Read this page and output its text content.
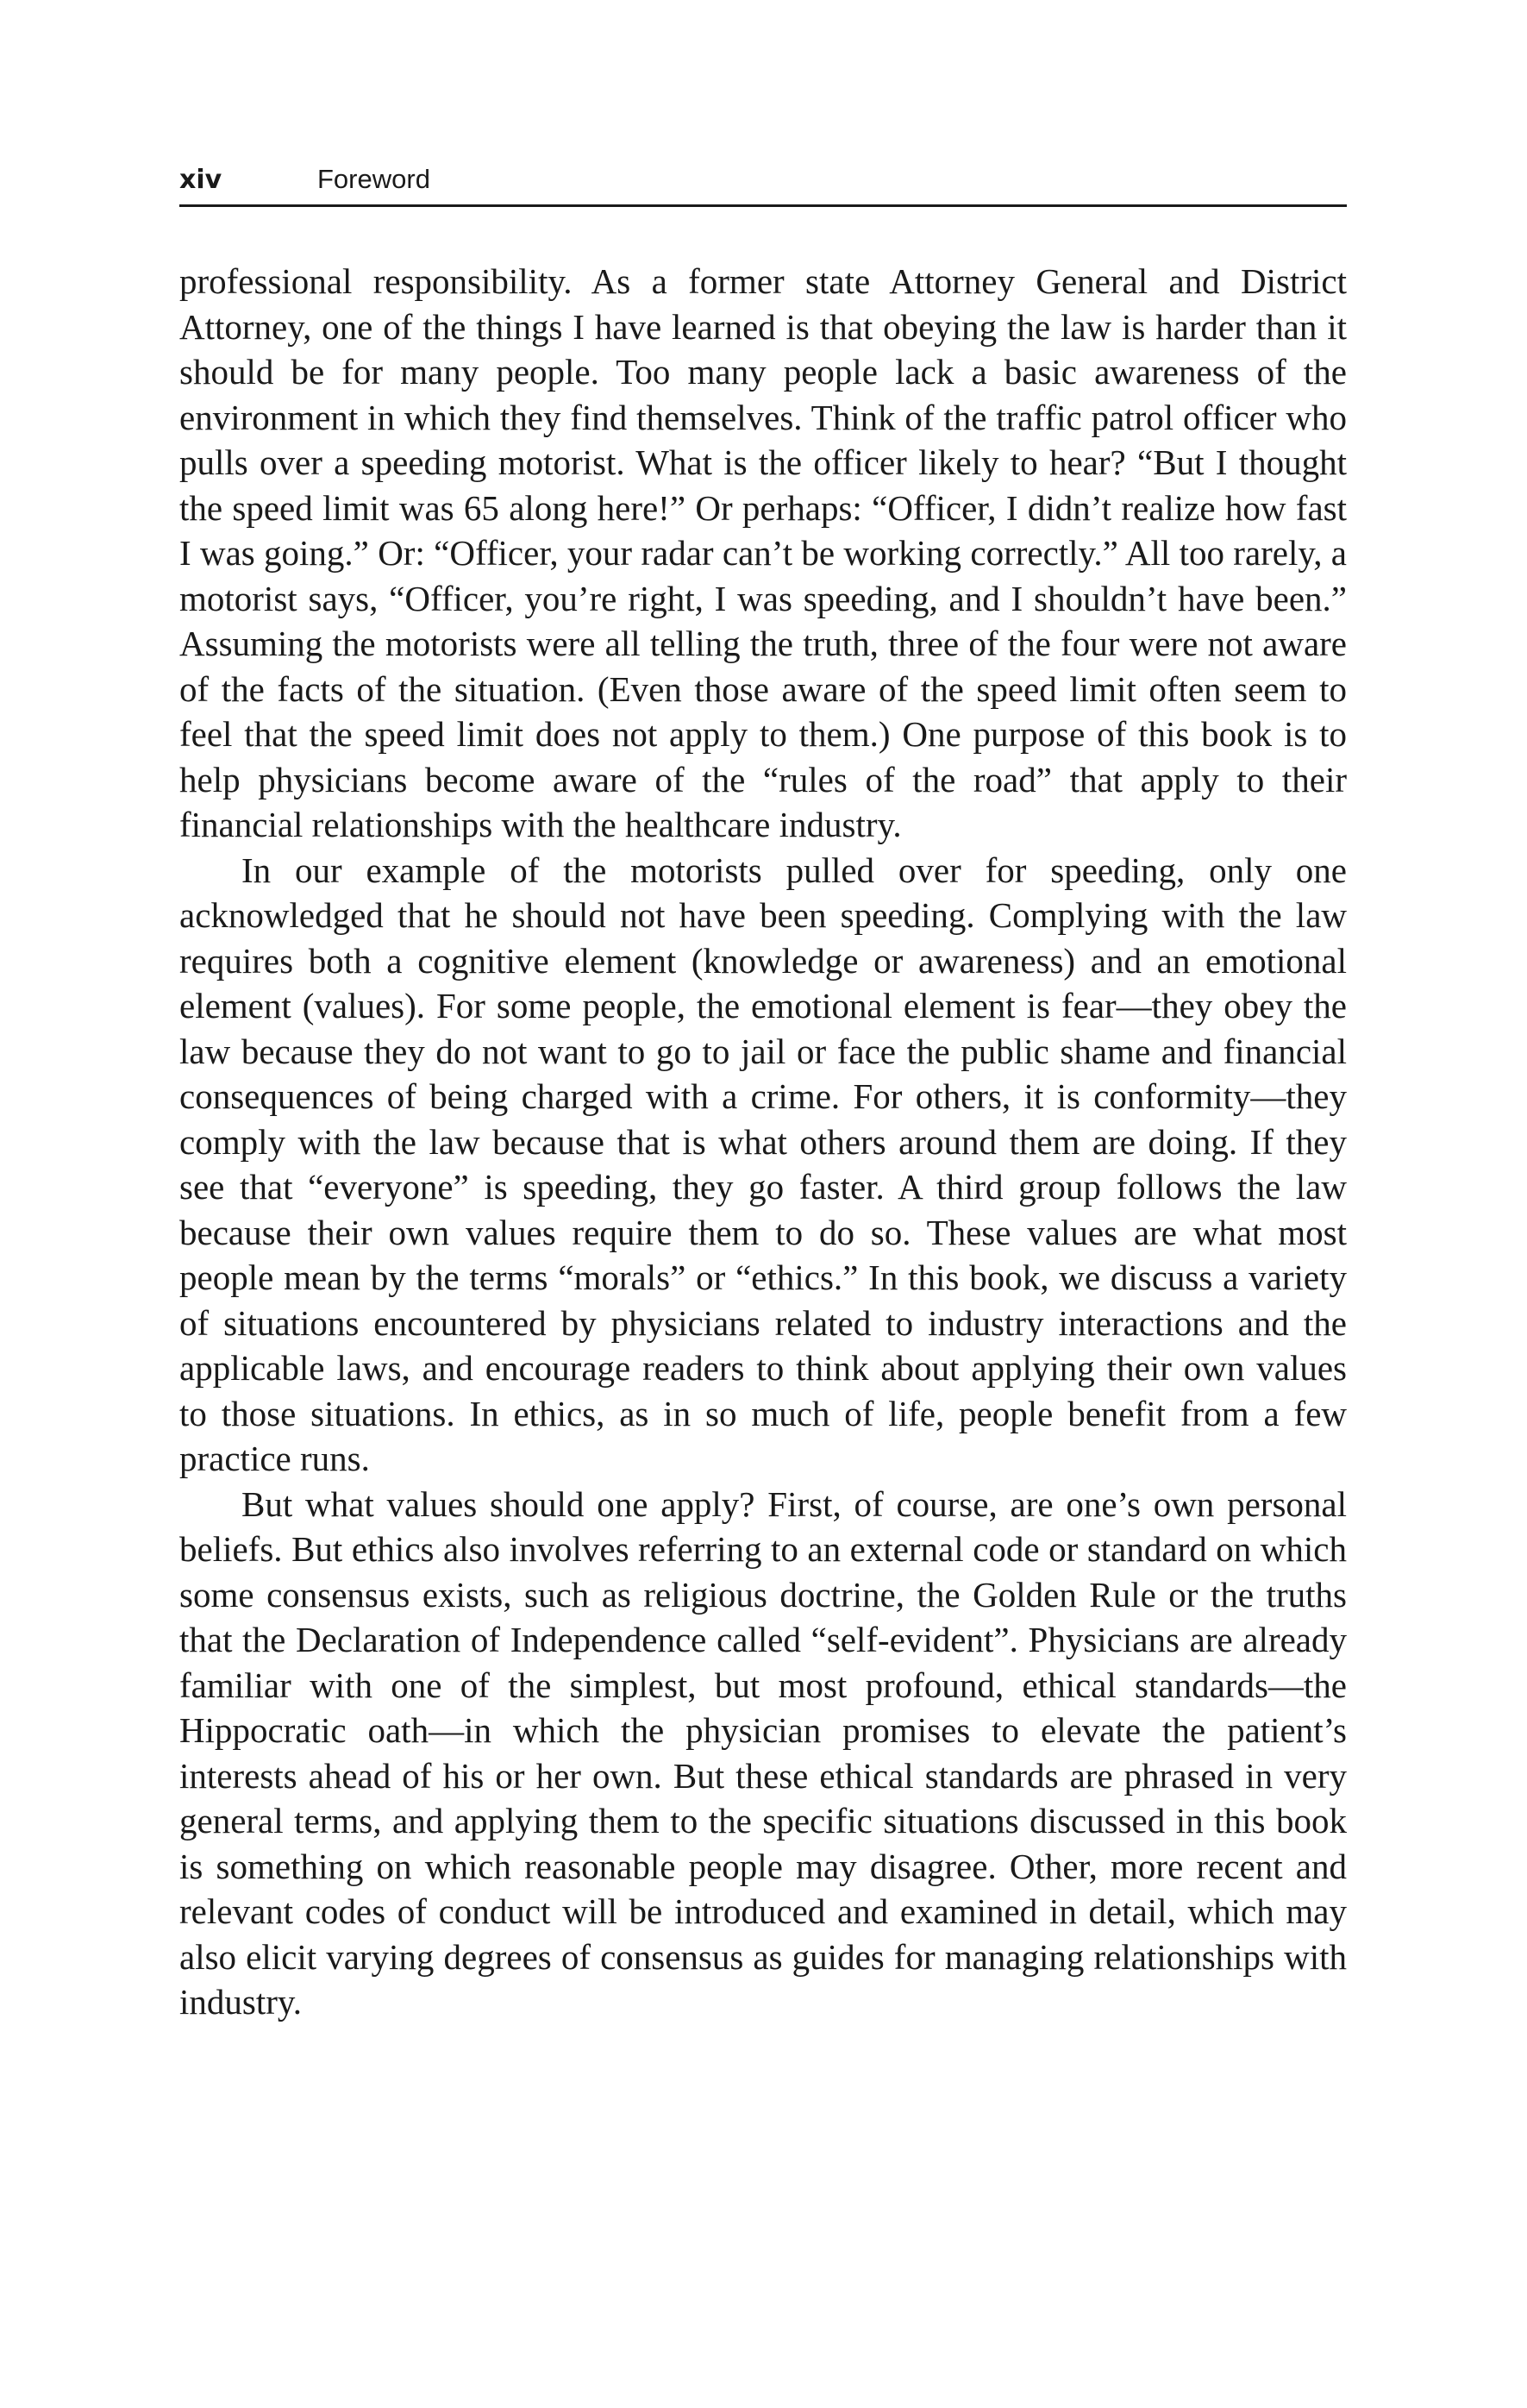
xiv	Foreword

professional responsibility. As a former state Attorney General and District Attorney, one of the things I have learned is that obeying the law is harder than it should be for many people. Too many people lack a basic awareness of the environment in which they find themselves. Think of the traffic patrol officer who pulls over a speeding motorist. What is the officer likely to hear? “But I thought the speed limit was 65 along here!” Or perhaps: “Officer, I didn’t realize how fast I was going.” Or: “Officer, your radar can’t be working correctly.” All too rarely, a motorist says, “Officer, you’re right, I was speeding, and I shouldn’t have been.” Assuming the motorists were all telling the truth, three of the four were not aware of the facts of the situation. (Even those aware of the speed limit often seem to feel that the speed limit does not apply to them.) One purpose of this book is to help physicians become aware of the “rules of the road” that apply to their financial relationships with the healthcare industry.

In our example of the motorists pulled over for speeding, only one acknowledged that he should not have been speeding. Complying with the law requires both a cognitive element (knowledge or awareness) and an emotional element (values). For some people, the emotional element is fear—they obey the law because they do not want to go to jail or face the public shame and financial consequences of being charged with a crime. For others, it is conformity—they comply with the law because that is what others around them are doing. If they see that “everyone” is speeding, they go faster. A third group follows the law because their own values require them to do so. These values are what most people mean by the terms “morals” or “ethics.” In this book, we discuss a variety of situations encountered by physicians related to industry interactions and the applicable laws, and encourage readers to think about applying their own values to those situations. In ethics, as in so much of life, people benefit from a few practice runs.

But what values should one apply? First, of course, are one’s own personal beliefs. But ethics also involves referring to an external code or standard on which some consensus exists, such as religious doctrine, the Golden Rule or the truths that the Declaration of Independence called “self-evident”. Physicians are already familiar with one of the simplest, but most profound, ethical standards—the Hippocratic oath—in which the physician promises to elevate the patient’s interests ahead of his or her own. But these ethical standards are phrased in very general terms, and applying them to the specific situations discussed in this book is something on which reasonable people may disagree. Other, more recent and relevant codes of conduct will be introduced and examined in detail, which may also elicit varying degrees of consensus as guides for managing relationships with industry.
